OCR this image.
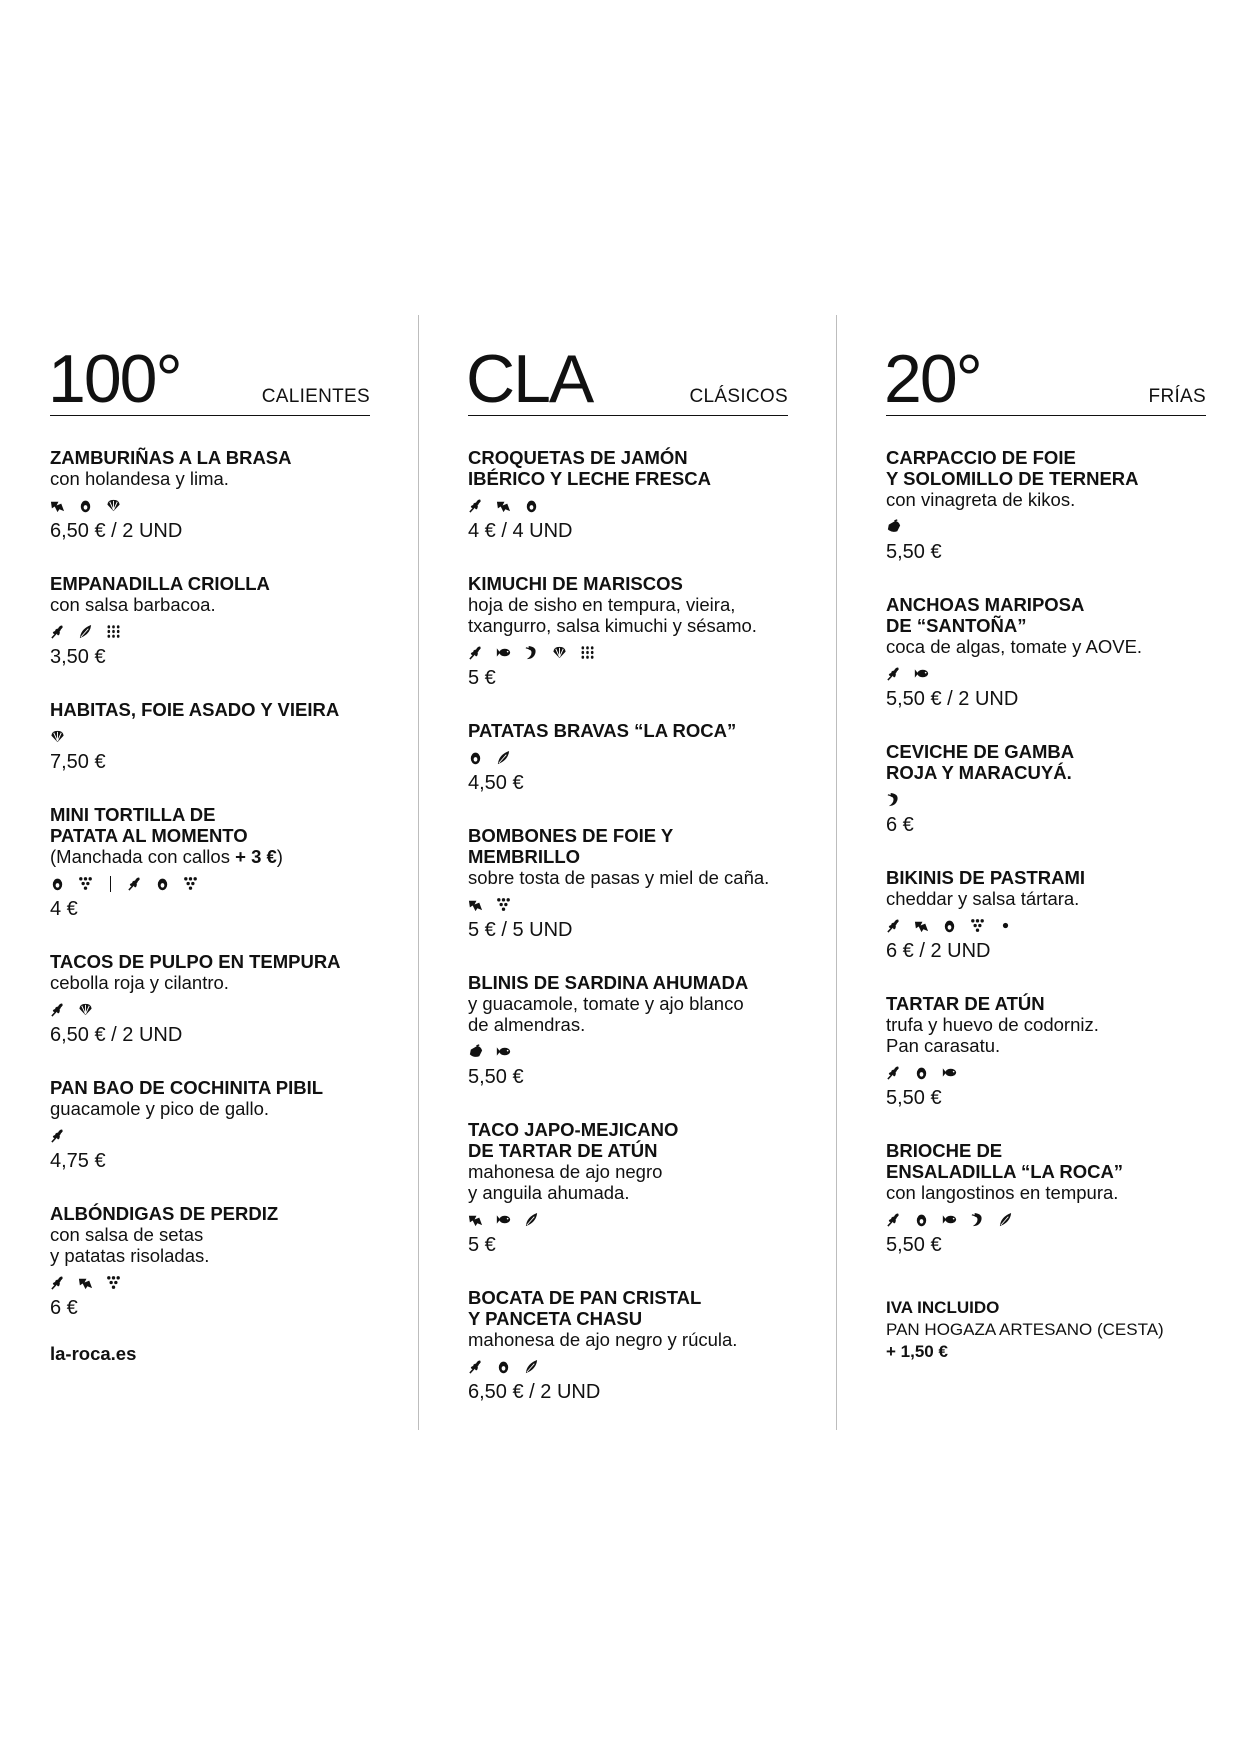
100°	CALIENTES
ZAMBURIÑAS A LA BRASA
con holandesa y lima.
6,50 € / 2 UND
EMPANADILLA CRIOLLA
con salsa barbacoa.
3,50 €
HABITAS, FOIE ASADO Y VIEIRA
7,50 €
MINI TORTILLA DE
PATATA AL MOMENTO
(Manchada con callos + 3 €)
4 €
TACOS DE PULPO EN TEMPURA
cebolla roja y cilantro.
6,50 € / 2 UND
PAN BAO DE COCHINITA PIBIL
guacamole y pico de gallo.
4,75 €
ALBÓNDIGAS DE PERDIZ
con salsa de setas
y patatas risoladas.
6 €
CLA	CLÁSICOS
CROQUETAS DE JAMÓN
IBÉRICO Y LECHE FRESCA
4 € / 4 UND
KIMUCHI DE MARISCOS
hoja de sisho en tempura, vieira,
txangurro, salsa kimuchi y sésamo.
5 €
PATATAS BRAVAS “LA ROCA”
4,50 €
BOMBONES DE FOIE Y MEMBRILLO
sobre tosta de pasas y miel de caña.
5 € / 5 UND
BLINIS DE SARDINA AHUMADA
y guacamole, tomate y ajo blanco
de almendras.
5,50 €
TACO JAPO-MEJICANO
DE TARTAR DE ATÚN
mahonesa de ajo negro
y anguila ahumada.
5 €
BOCATA DE PAN CRISTAL
Y PANCETA CHASU
mahonesa de ajo negro y rúcula.
6,50 € / 2 UND
20°	FRÍAS
CARPACCIO DE FOIE
Y SOLOMILLO DE TERNERA
con vinagreta de kikos.
5,50 €
ANCHOAS MARIPOSA
DE “SANTOÑA”
coca de algas, tomate y AOVE.
5,50 € / 2 UND
CEVICHE DE GAMBA
ROJA Y MARACUYÁ.
6 €
BIKINIS DE PASTRAMI
cheddar y salsa tártara.
6 € / 2 UND
TARTAR DE ATÚN
trufa y huevo de codorniz.
Pan carasatu.
5,50 €
BRIOCHE DE
ENSALADILLA “LA ROCA”
con langostinos en tempura.
5,50 €
la-roca.es
IVA INCLUIDO
PAN HOGAZA ARTESANO (CESTA)
+ 1,50 €
